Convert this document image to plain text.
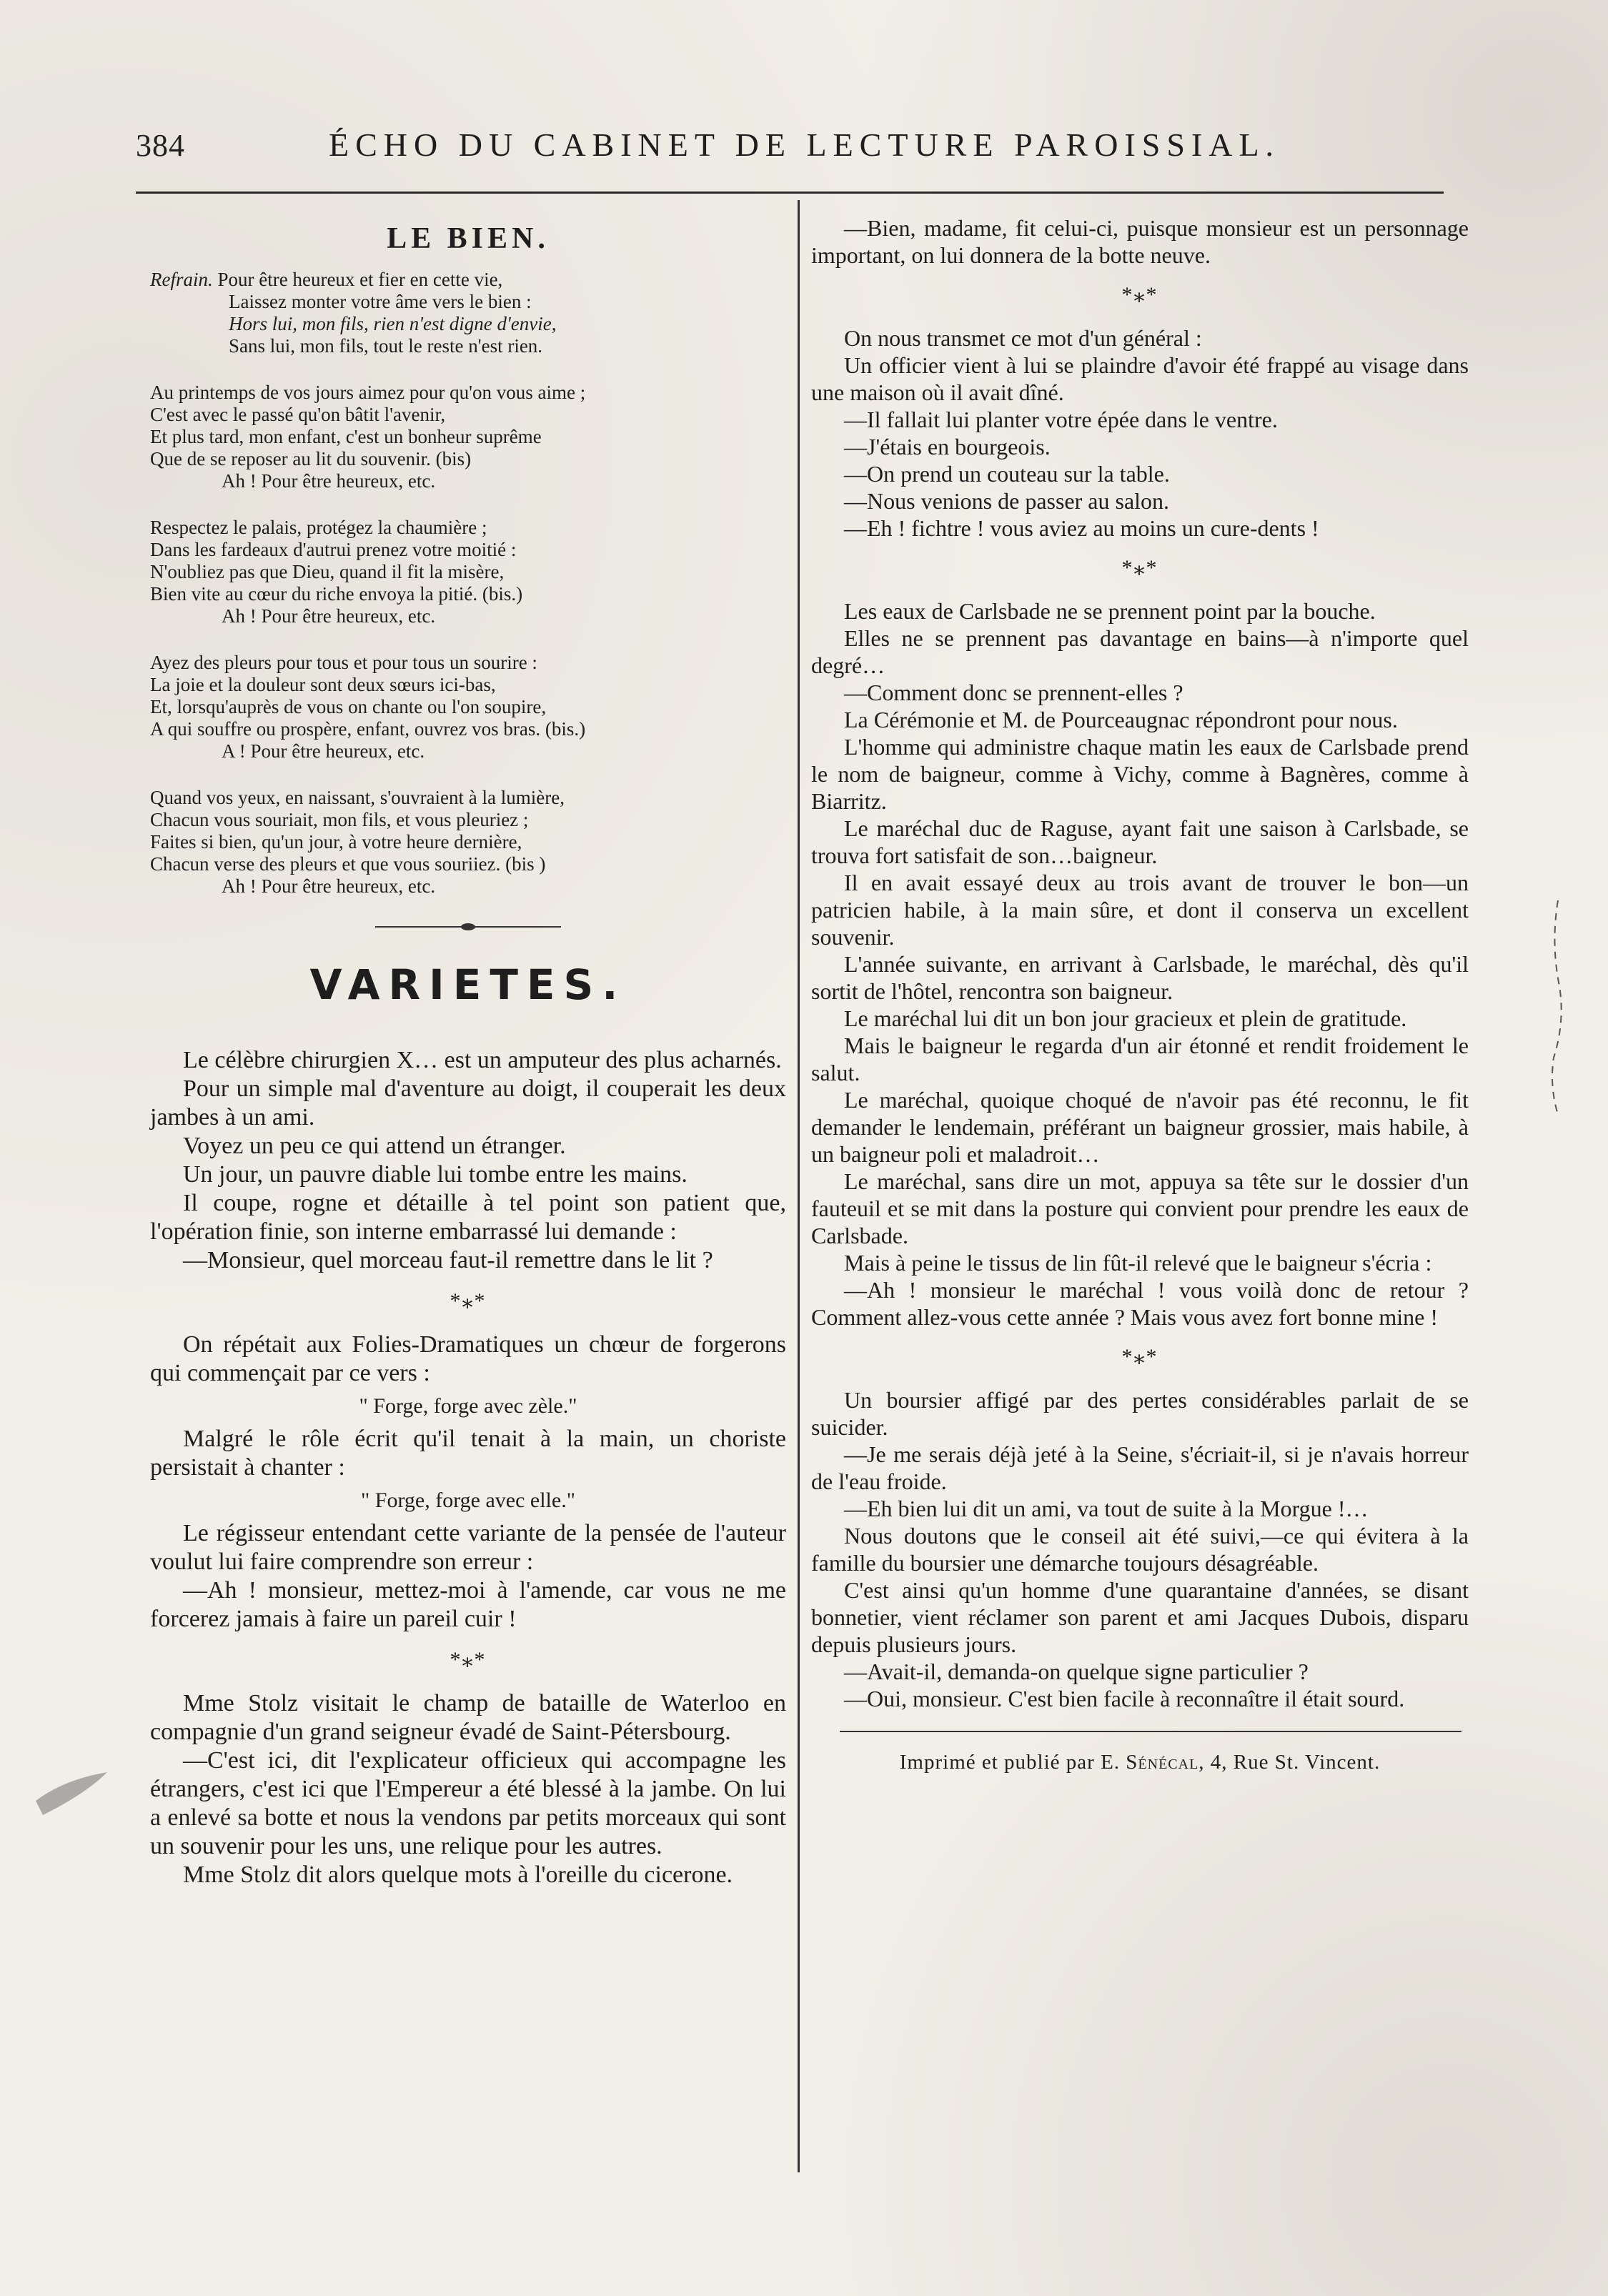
384	ÉCHO DU CABINET DE LECTURE PAROISSIAL.
LE BIEN.
Refrain. Pour être heureux et fier en cette vie,
Laissez monter votre âme vers le bien :
Hors lui, mon fils, rien n'est digne d'envie,
Sans lui, mon fils, tout le reste n'est rien.
Au printemps de vos jours aimez pour qu'on vous aime ;
C'est avec le passé qu'on bâtit l'avenir,
Et plus tard, mon enfant, c'est un bonheur suprême
Que de se reposer au lit du souvenir. (bis)
Ah ! Pour être heureux, etc.
Respectez le palais, protégez la chaumière ;
Dans les fardeaux d'autrui prenez votre moitié :
N'oubliez pas que Dieu, quand il fit la misère,
Bien vite au cœur du riche envoya la pitié. (bis.)
Ah ! Pour être heureux, etc.
Ayez des pleurs pour tous et pour tous un sourire :
La joie et la douleur sont deux sœurs ici-bas,
Et, lorsqu'auprès de vous on chante ou l'on soupire,
A qui souffre ou prospère, enfant, ouvrez vos bras. (bis.)
A ! Pour être heureux, etc.
Quand vos yeux, en naissant, s'ouvraient à la lumière,
Chacun vous souriait, mon fils, et vous pleuriez ;
Faites si bien, qu'un jour, à votre heure dernière,
Chacun verse des pleurs et que vous souriiez. (bis )
Ah ! Pour être heureux, etc.
VARIETES.

Le célèbre chirurgien X… est un amputeur des plus acharnés.

Pour un simple mal d'aventure au doigt, il couperait les deux jambes à un ami.

Voyez un peu ce qui attend un étranger.

Un jour, un pauvre diable lui tombe entre les mains.

Il coupe, rogne et détaille à tel point son patient que, l'opération finie, son interne embarrassé lui demande :

—Monsieur, quel morceau faut-il remettre dans le lit ?

*⁎*

On répétait aux Folies-Dramatiques un chœur de forgerons qui commençait par ce vers :

" Forge, forge avec zèle."

Malgré le rôle écrit qu'il tenait à la main, un choriste persistait à chanter :

" Forge, forge avec elle."

Le régisseur entendant cette variante de la pensée de l'auteur voulut lui faire comprendre son erreur :

—Ah ! monsieur, mettez-moi à l'amende, car vous ne me forcerez jamais à faire un pareil cuir !

*⁎*

Mme Stolz visitait le champ de bataille de Waterloo en compagnie d'un grand seigneur évadé de Saint-Pétersbourg.

—C'est ici, dit l'explicateur officieux qui accompagne les étrangers, c'est ici que l'Empereur a été blessé à la jambe. On lui a enlevé sa botte et nous la vendons par petits morceaux qui sont un souvenir pour les uns, une relique pour les autres.

Mme Stolz dit alors quelque mots à l'oreille du cicerone.

—Bien, madame, fit celui-ci, puisque monsieur est un personnage important, on lui donnera de la botte neuve.

*⁎*

On nous transmet ce mot d'un général :

Un officier vient à lui se plaindre d'avoir été frappé au visage dans une maison où il avait dîné.

—Il fallait lui planter votre épée dans le ventre.

—J'étais en bourgeois.

—On prend un couteau sur la table.

—Nous venions de passer au salon.

—Eh ! fichtre ! vous aviez au moins un cure-dents !

*⁎*

Les eaux de Carlsbade ne se prennent point par la bouche.

Elles ne se prennent pas davantage en bains—à n'importe quel degré…

—Comment donc se prennent-elles ?

La Cérémonie et M. de Pourceaugnac répondront pour nous.

L'homme qui administre chaque matin les eaux de Carlsbade prend le nom de baigneur, comme à Vichy, comme à Bagnères, comme à Biarritz.

Le maréchal duc de Raguse, ayant fait une saison à Carlsbade, se trouva fort satisfait de son…baigneur.

Il en avait essayé deux au trois avant de trouver le bon—un patricien habile, à la main sûre, et dont il conserva un excellent souvenir.

L'année suivante, en arrivant à Carlsbade, le maréchal, dès qu'il sortit de l'hôtel, rencontra son baigneur.

Le maréchal lui dit un bon jour gracieux et plein de gratitude.

Mais le baigneur le regarda d'un air étonné et rendit froidement le salut.

Le maréchal, quoique choqué de n'avoir pas été reconnu, le fit demander le lendemain, préférant un baigneur grossier, mais habile, à un baigneur poli et maladroit…

Le maréchal, sans dire un mot, appuya sa tête sur le dossier d'un fauteuil et se mit dans la posture qui convient pour prendre les eaux de Carlsbade.

Mais à peine le tissus de lin fût-il relevé que le baigneur s'écria :

—Ah ! monsieur le maréchal ! vous voilà donc de retour ? Comment allez-vous cette année ? Mais vous avez fort bonne mine !

*⁎*

Un boursier affigé par des pertes considérables parlait de se suicider.

—Je me serais déjà jeté à la Seine, s'écriait-il, si je n'avais horreur de l'eau froide.

—Eh bien lui dit un ami, va tout de suite à la Morgue !…

Nous doutons que le conseil ait été suivi,—ce qui évitera à la famille du boursier une démarche toujours désagréable.

C'est ainsi qu'un homme d'une quarantaine d'années, se disant bonnetier, vient réclamer son parent et ami Jacques Dubois, disparu depuis plusieurs jours.

—Avait-il, demanda-on quelque signe particulier ?

—Oui, monsieur. C'est bien facile à reconnaître il était sourd.

Imprimé et publié par E. Sénécal, 4, Rue St. Vincent.
